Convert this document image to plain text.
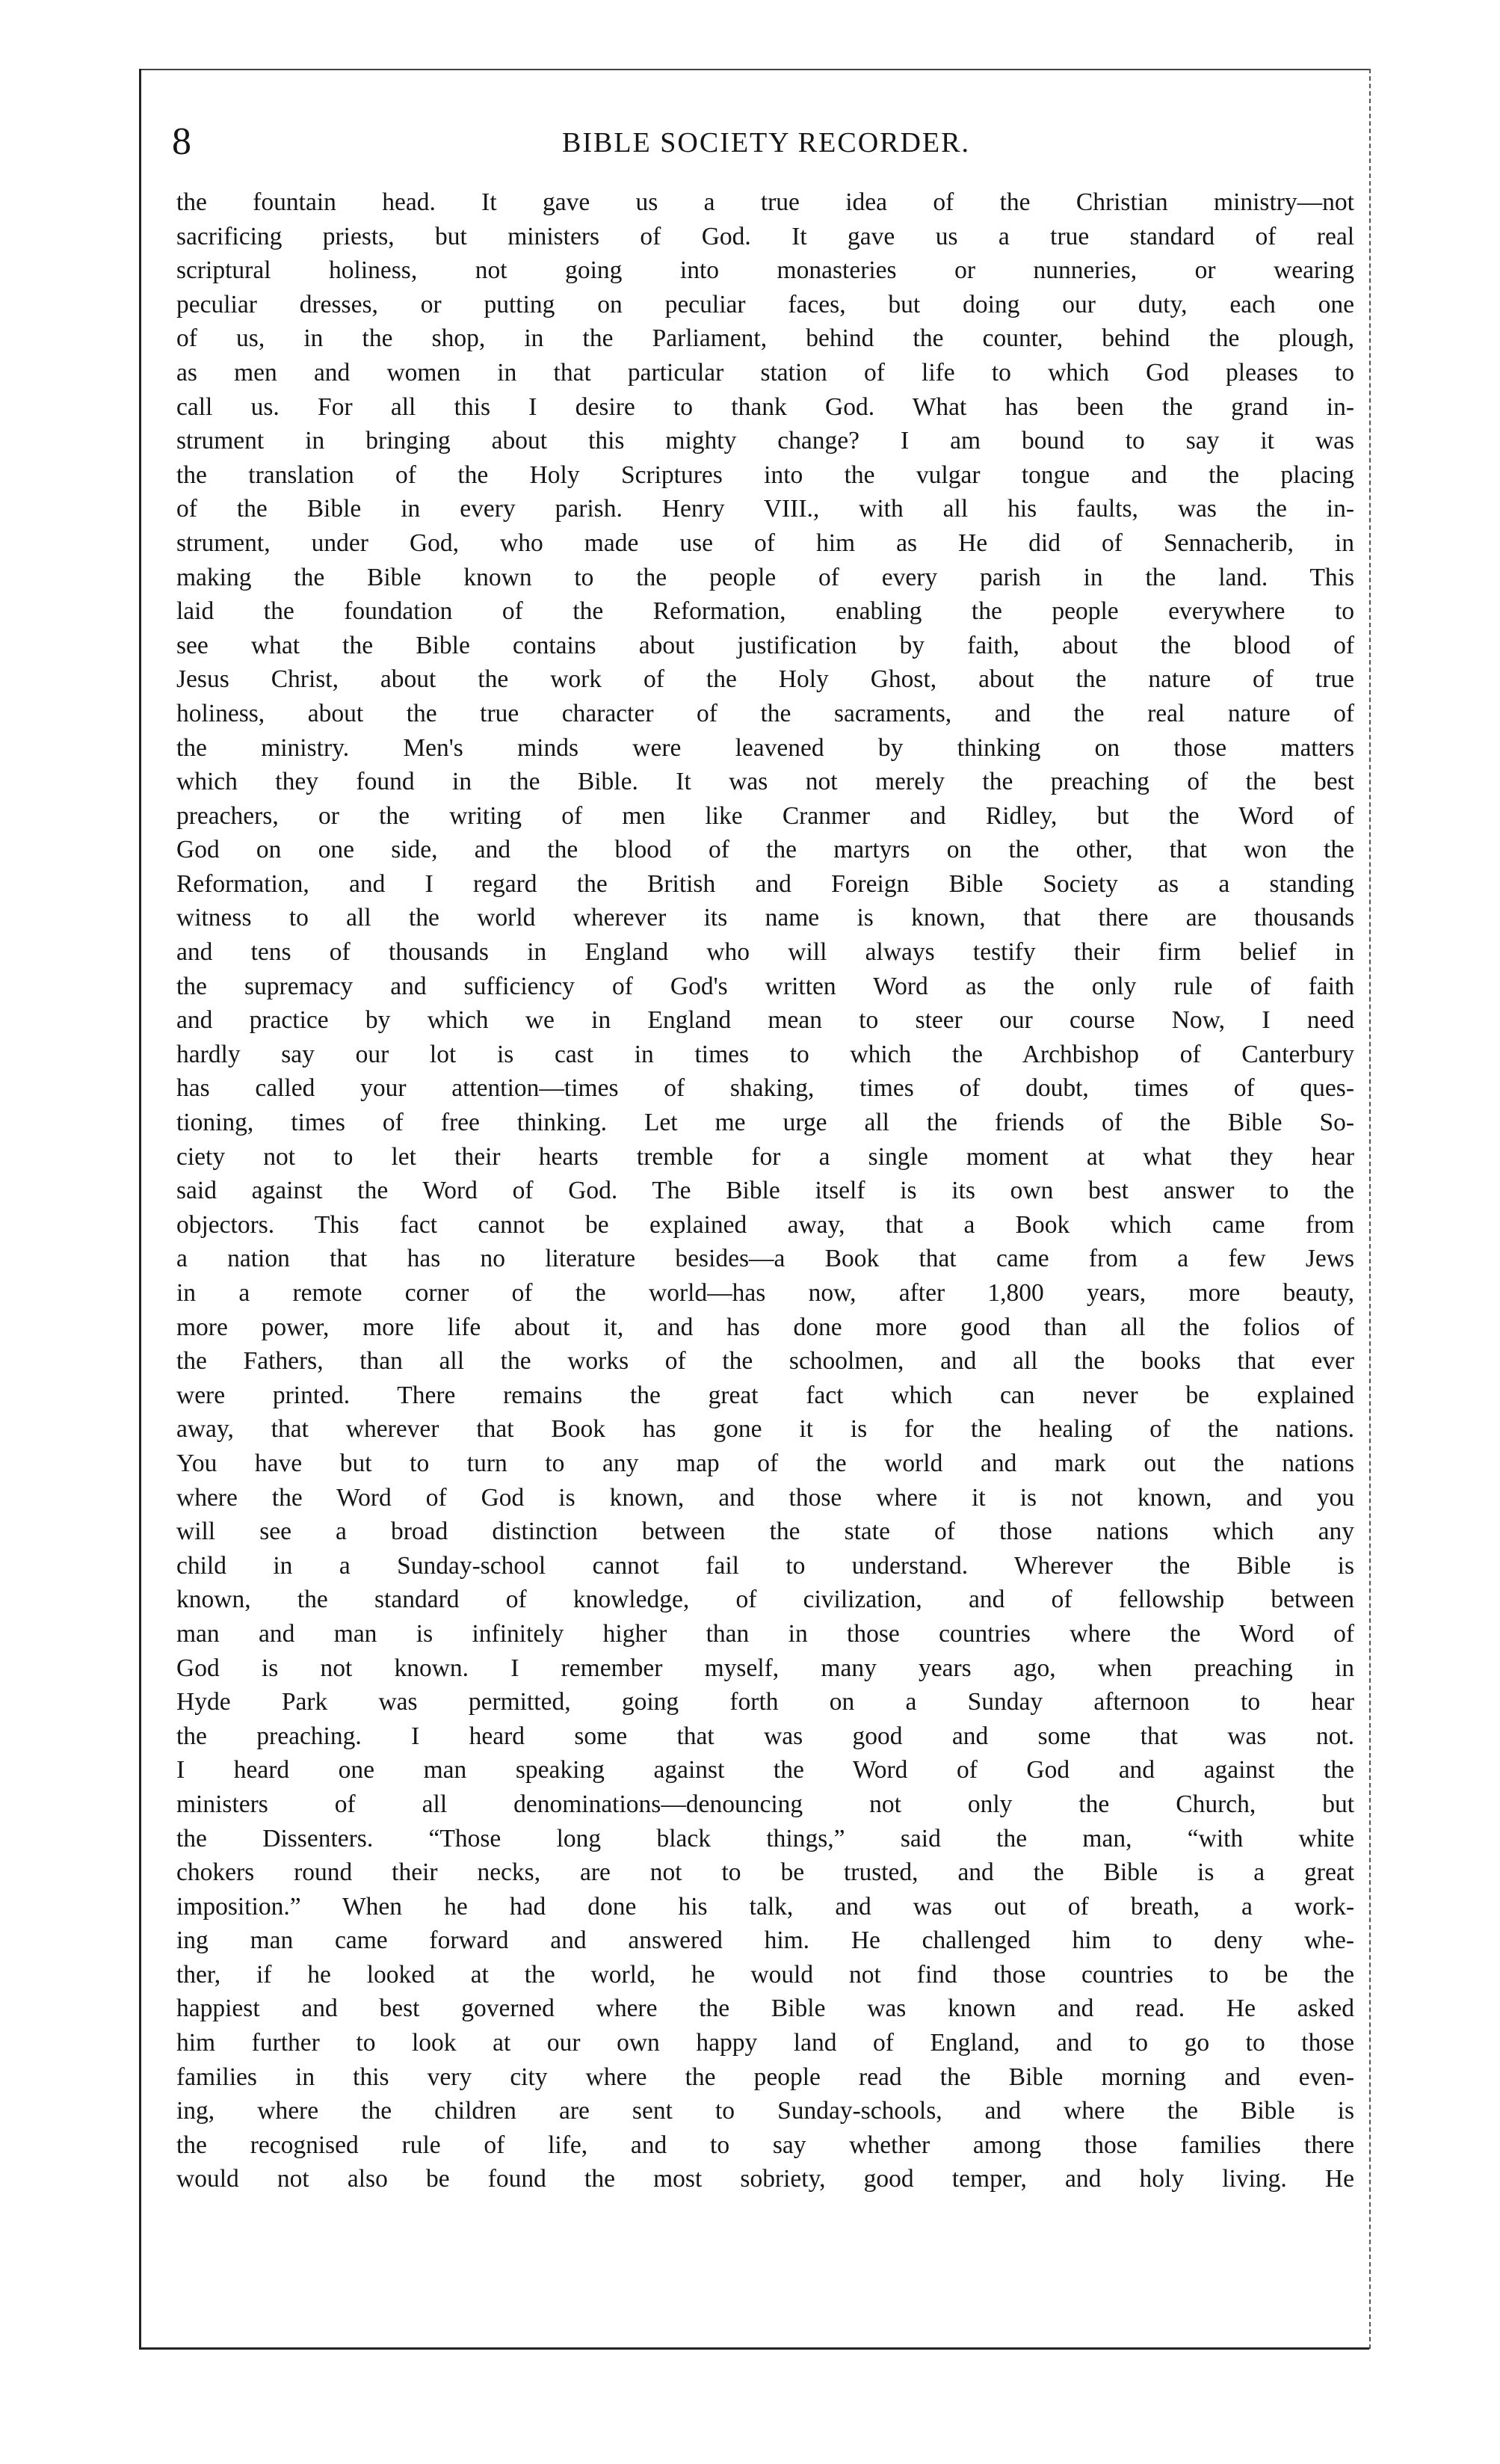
8	BIBLE SOCIETY RECORDER.
the fountain head. It gave us a true idea of the Christian ministry—not
sacrificing priests, but ministers of God. It gave us a true standard of real
scriptural holiness, not going into monasteries or nunneries, or wearing
peculiar dresses, or putting on peculiar faces, but doing our duty, each one
of us, in the shop, in the Parliament, behind the counter, behind the plough,
as men and women in that particular station of life to which God pleases to
call us. For all this I desire to thank God. What has been the grand in-
strument in bringing about this mighty change? I am bound to say it was
the translation of the Holy Scriptures into the vulgar tongue and the placing
of the Bible in every parish. Henry VIII., with all his faults, was the in-
strument, under God, who made use of him as He did of Sennacherib, in
making the Bible known to the people of every parish in the land. This
laid the foundation of the Reformation, enabling the people everywhere to
see what the Bible contains about justification by faith, about the blood of
Jesus Christ, about the work of the Holy Ghost, about the nature of true
holiness, about the true character of the sacraments, and the real nature of
the ministry. Men's minds were leavened by thinking on those matters
which they found in the Bible. It was not merely the preaching of the best
preachers, or the writing of men like Cranmer and Ridley, but the Word of
God on one side, and the blood of the martyrs on the other, that won the
Reformation, and I regard the British and Foreign Bible Society as a standing
witness to all the world wherever its name is known, that there are thousands
and tens of thousands in England who will always testify their firm belief in
the supremacy and sufficiency of God's written Word as the only rule of faith
and practice by which we in England mean to steer our course Now, I need
hardly say our lot is cast in times to which the Archbishop of Canterbury
has called your attention—times of shaking, times of doubt, times of ques-
tioning, times of free thinking. Let me urge all the friends of the Bible So-
ciety not to let their hearts tremble for a single moment at what they hear
said against the Word of God. The Bible itself is its own best answer to the
objectors. This fact cannot be explained away, that a Book which came from
a nation that has no literature besides—a Book that came from a few Jews
in a remote corner of the world—has now, after 1,800 years, more beauty,
more power, more life about it, and has done more good than all the folios of
the Fathers, than all the works of the schoolmen, and all the books that ever
were printed. There remains the great fact which can never be explained
away, that wherever that Book has gone it is for the healing of the nations.
You have but to turn to any map of the world and mark out the nations
where the Word of God is known, and those where it is not known, and you
will see a broad distinction between the state of those nations which any
child in a Sunday-school cannot fail to understand. Wherever the Bible is
known, the standard of knowledge, of civilization, and of fellowship between
man and man is infinitely higher than in those countries where the Word of
God is not known. I remember myself, many years ago, when preaching in
Hyde Park was permitted, going forth on a Sunday afternoon to hear
the preaching. I heard some that was good and some that was not.
I heard one man speaking against the Word of God and against the
ministers of all denominations—denouncing not only the Church, but
the Dissenters. “Those long black things,” said the man, “with white
chokers round their necks, are not to be trusted, and the Bible is a great
imposition.” When he had done his talk, and was out of breath, a work-
ing man came forward and answered him. He challenged him to deny whe-
ther, if he looked at the world, he would not find those countries to be the
happiest and best governed where the Bible was known and read. He asked
him further to look at our own happy land of England, and to go to those
families in this very city where the people read the Bible morning and even-
ing, where the children are sent to Sunday-schools, and where the Bible is
the recognised rule of life, and to say whether among those families there
would not also be found the most sobriety, good temper, and holy living. He
